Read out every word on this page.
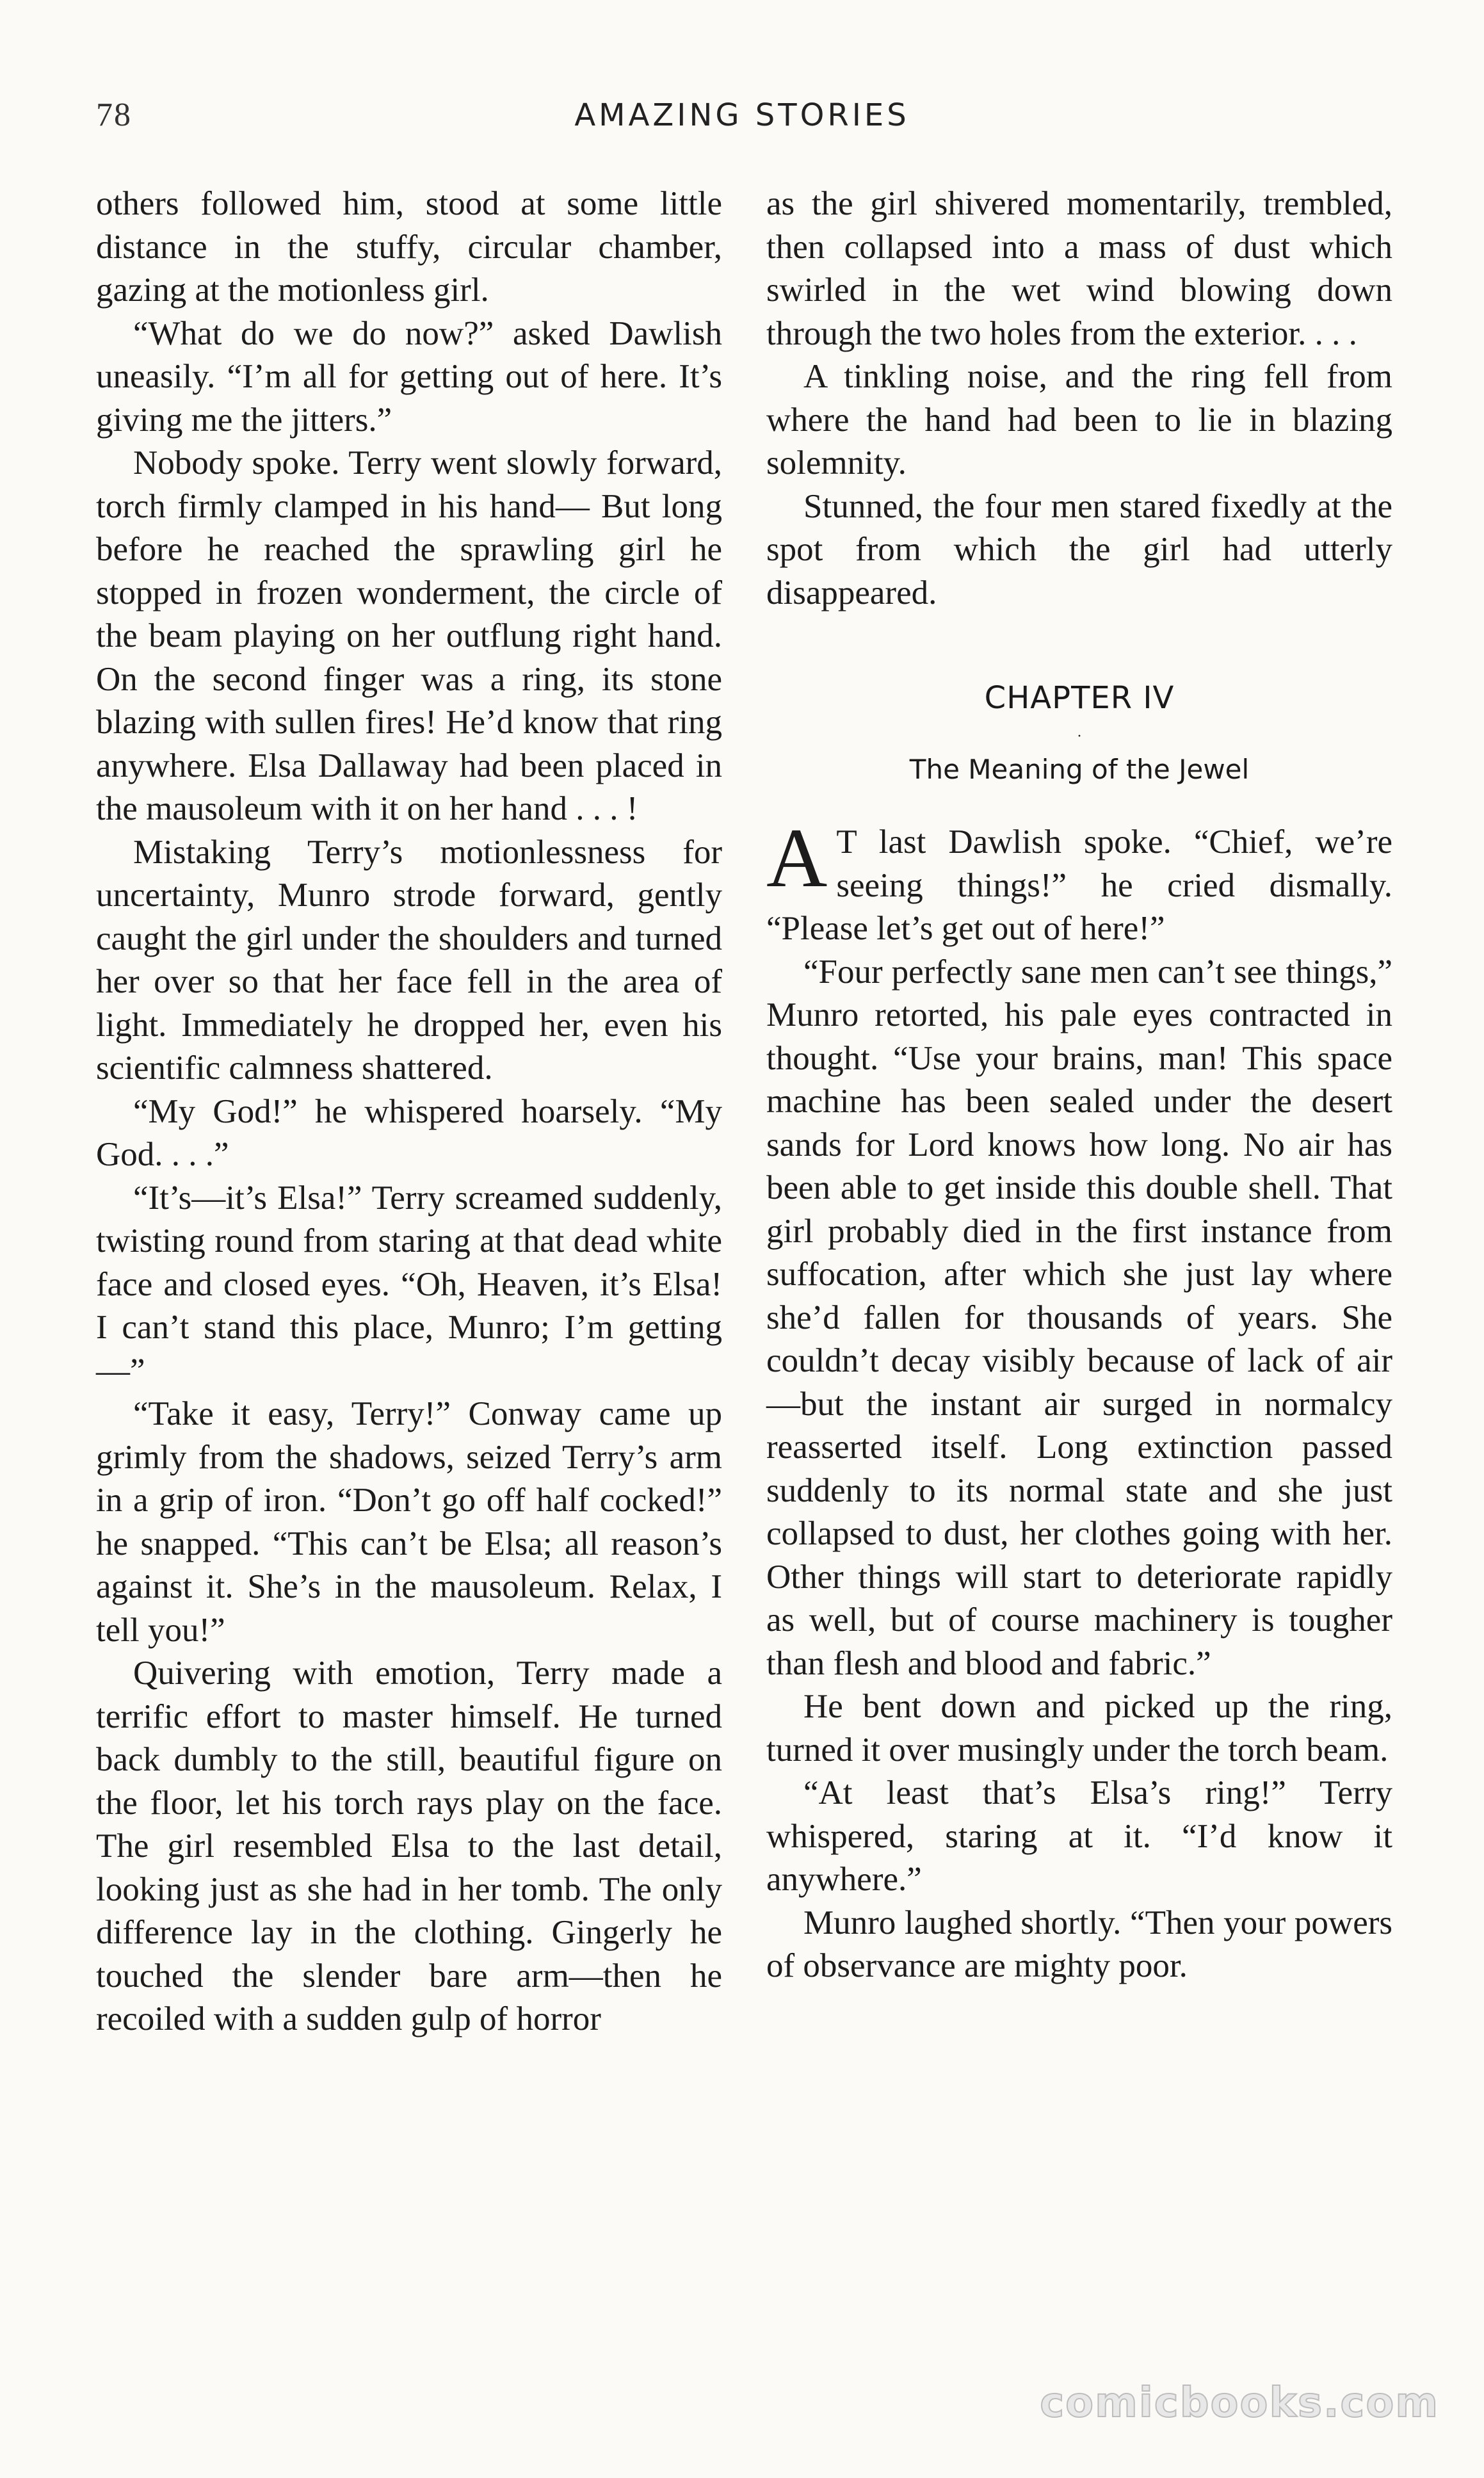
78	AMAZING STORIES

others followed him, stood at some little distance in the stuffy, circular chamber, gazing at the motionless girl.

“What do we do now?” asked Dawlish uneasily. “I’m all for getting out of here. It’s giving me the jitters.”

Nobody spoke. Terry went slowly forward, torch firmly clamped in his hand— But long before he reached the sprawling girl he stopped in frozen wonderment, the circle of the beam playing on her outflung right hand. On the second finger was a ring, its stone blazing with sullen fires! He’d know that ring anywhere. Elsa Dallaway had been placed in the mausoleum with it on her hand . . . !

Mistaking Terry’s motionlessness for uncertainty, Munro strode forward, gently caught the girl under the shoulders and turned her over so that her face fell in the area of light. Immediately he dropped her, even his scientific calmness shattered.

“My God!” he whispered hoarsely. “My God. . . .”

“It’s—it’s Elsa!” Terry screamed suddenly, twisting round from staring at that dead white face and closed eyes. “Oh, Heaven, it’s Elsa! I can’t stand this place, Munro; I’m getting—”

“Take it easy, Terry!” Conway came up grimly from the shadows, seized Terry’s arm in a grip of iron. “Don’t go off half cocked!” he snapped. “This can’t be Elsa; all reason’s against it. She’s in the mausoleum. Relax, I tell you!”

Quivering with emotion, Terry made a terrific effort to master himself. He turned back dumbly to the still, beautiful figure on the floor, let his torch rays play on the face. The girl resembled Elsa to the last detail, looking just as she had in her tomb. The only difference lay in the clothing. Gingerly he touched the slender bare arm—then he recoiled with a sudden gulp of horror

as the girl shivered momentarily, trembled, then collapsed into a mass of dust which swirled in the wet wind blowing down through the two holes from the exterior. . . .

A tinkling noise, and the ring fell from where the hand had been to lie in blazing solemnity.

Stunned, the four men stared fixedly at the spot from which the girl had utterly disappeared.

CHAPTER IV
·
The Meaning of the Jewel

A T last Dawlish spoke. “Chief, we’re seeing things!” he cried dismally. “Please let’s get out of here!”

“Four perfectly sane men can’t see things,” Munro retorted, his pale eyes contracted in thought. “Use your brains, man! This space machine has been sealed under the desert sands for Lord knows how long. No air has been able to get inside this double shell. That girl probably died in the first instance from suffocation, after which she just lay where she’d fallen for thousands of years. She couldn’t decay visibly because of lack of air—but the instant air surged in normalcy reasserted itself. Long extinction passed suddenly to its normal state and she just collapsed to dust, her clothes going with her. Other things will start to deteriorate rapidly as well, but of course machinery is tougher than flesh and blood and fabric.”

He bent down and picked up the ring, turned it over musingly under the torch beam.

“At least that’s Elsa’s ring!” Terry whispered, staring at it. “I’d know it anywhere.”

Munro laughed shortly. “Then your powers of observance are mighty poor.

comicbooks.com
